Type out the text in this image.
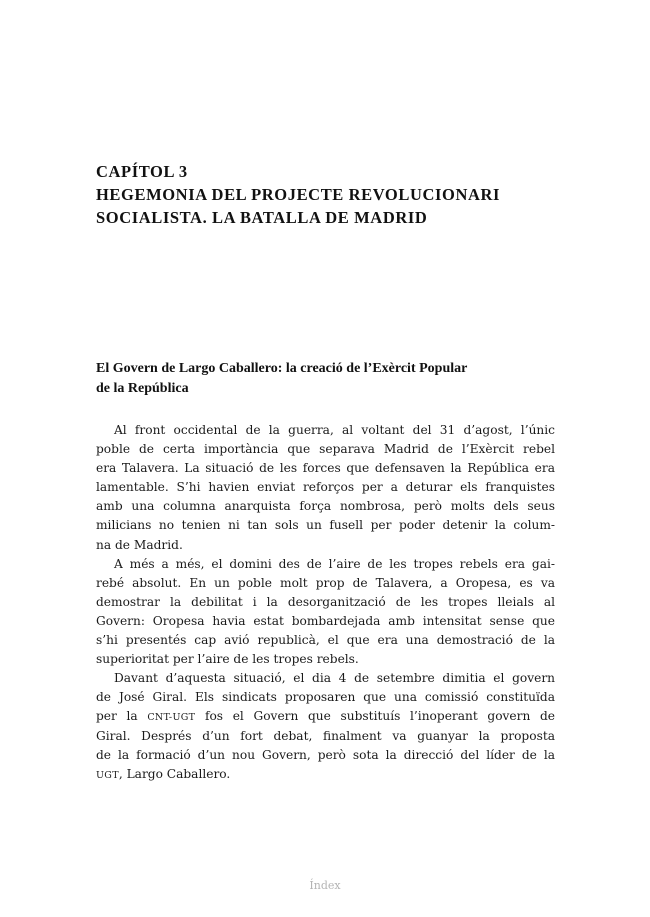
CAPÍTOL 3
HEGEMONIA DEL PROJECTE REVOLUCIONARI
SOCIALISTA. LA BATALLA DE MADRID
El Govern de Largo Caballero: la creació de l’Exèrcit Popular
de la República
Al front occidental de la guerra, al voltant del 31 d’agost, l’únic
poble de certa importància que separava Madrid de l’Exèrcit rebel
era Talavera. La situació de les forces que defensaven la República era
lamentable. S’hi havien enviat reforços per a deturar els franquistes
amb una columna anarquista força nombrosa, però molts dels seus
milicians no tenien ni tan sols un fusell per poder detenir la colum-
na de Madrid.
A més a més, el domini des de l’aire de les tropes rebels era gai-
rebé absolut. En un poble molt prop de Talavera, a Oropesa, es va
demostrar la debilitat i la desorganització de les tropes lleials al
Govern: Oropesa havia estat bombardejada amb intensitat sense que
s’hi presentés cap avió republicà, el que era una demostració de la
superioritat per l’aire de les tropes rebels.
Davant d’aquesta situació, el dia 4 de setembre dimitia el govern
de José Giral. Els sindicats proposaren que una comissió constituïda
per la CNT-UGT fos el Govern que substituís l’inoperant govern de
Giral. Després d’un fort debat, finalment va guanyar la proposta
de la formació d’un nou Govern, però sota la direcció del líder de la
UGT, Largo Caballero.
Índex
